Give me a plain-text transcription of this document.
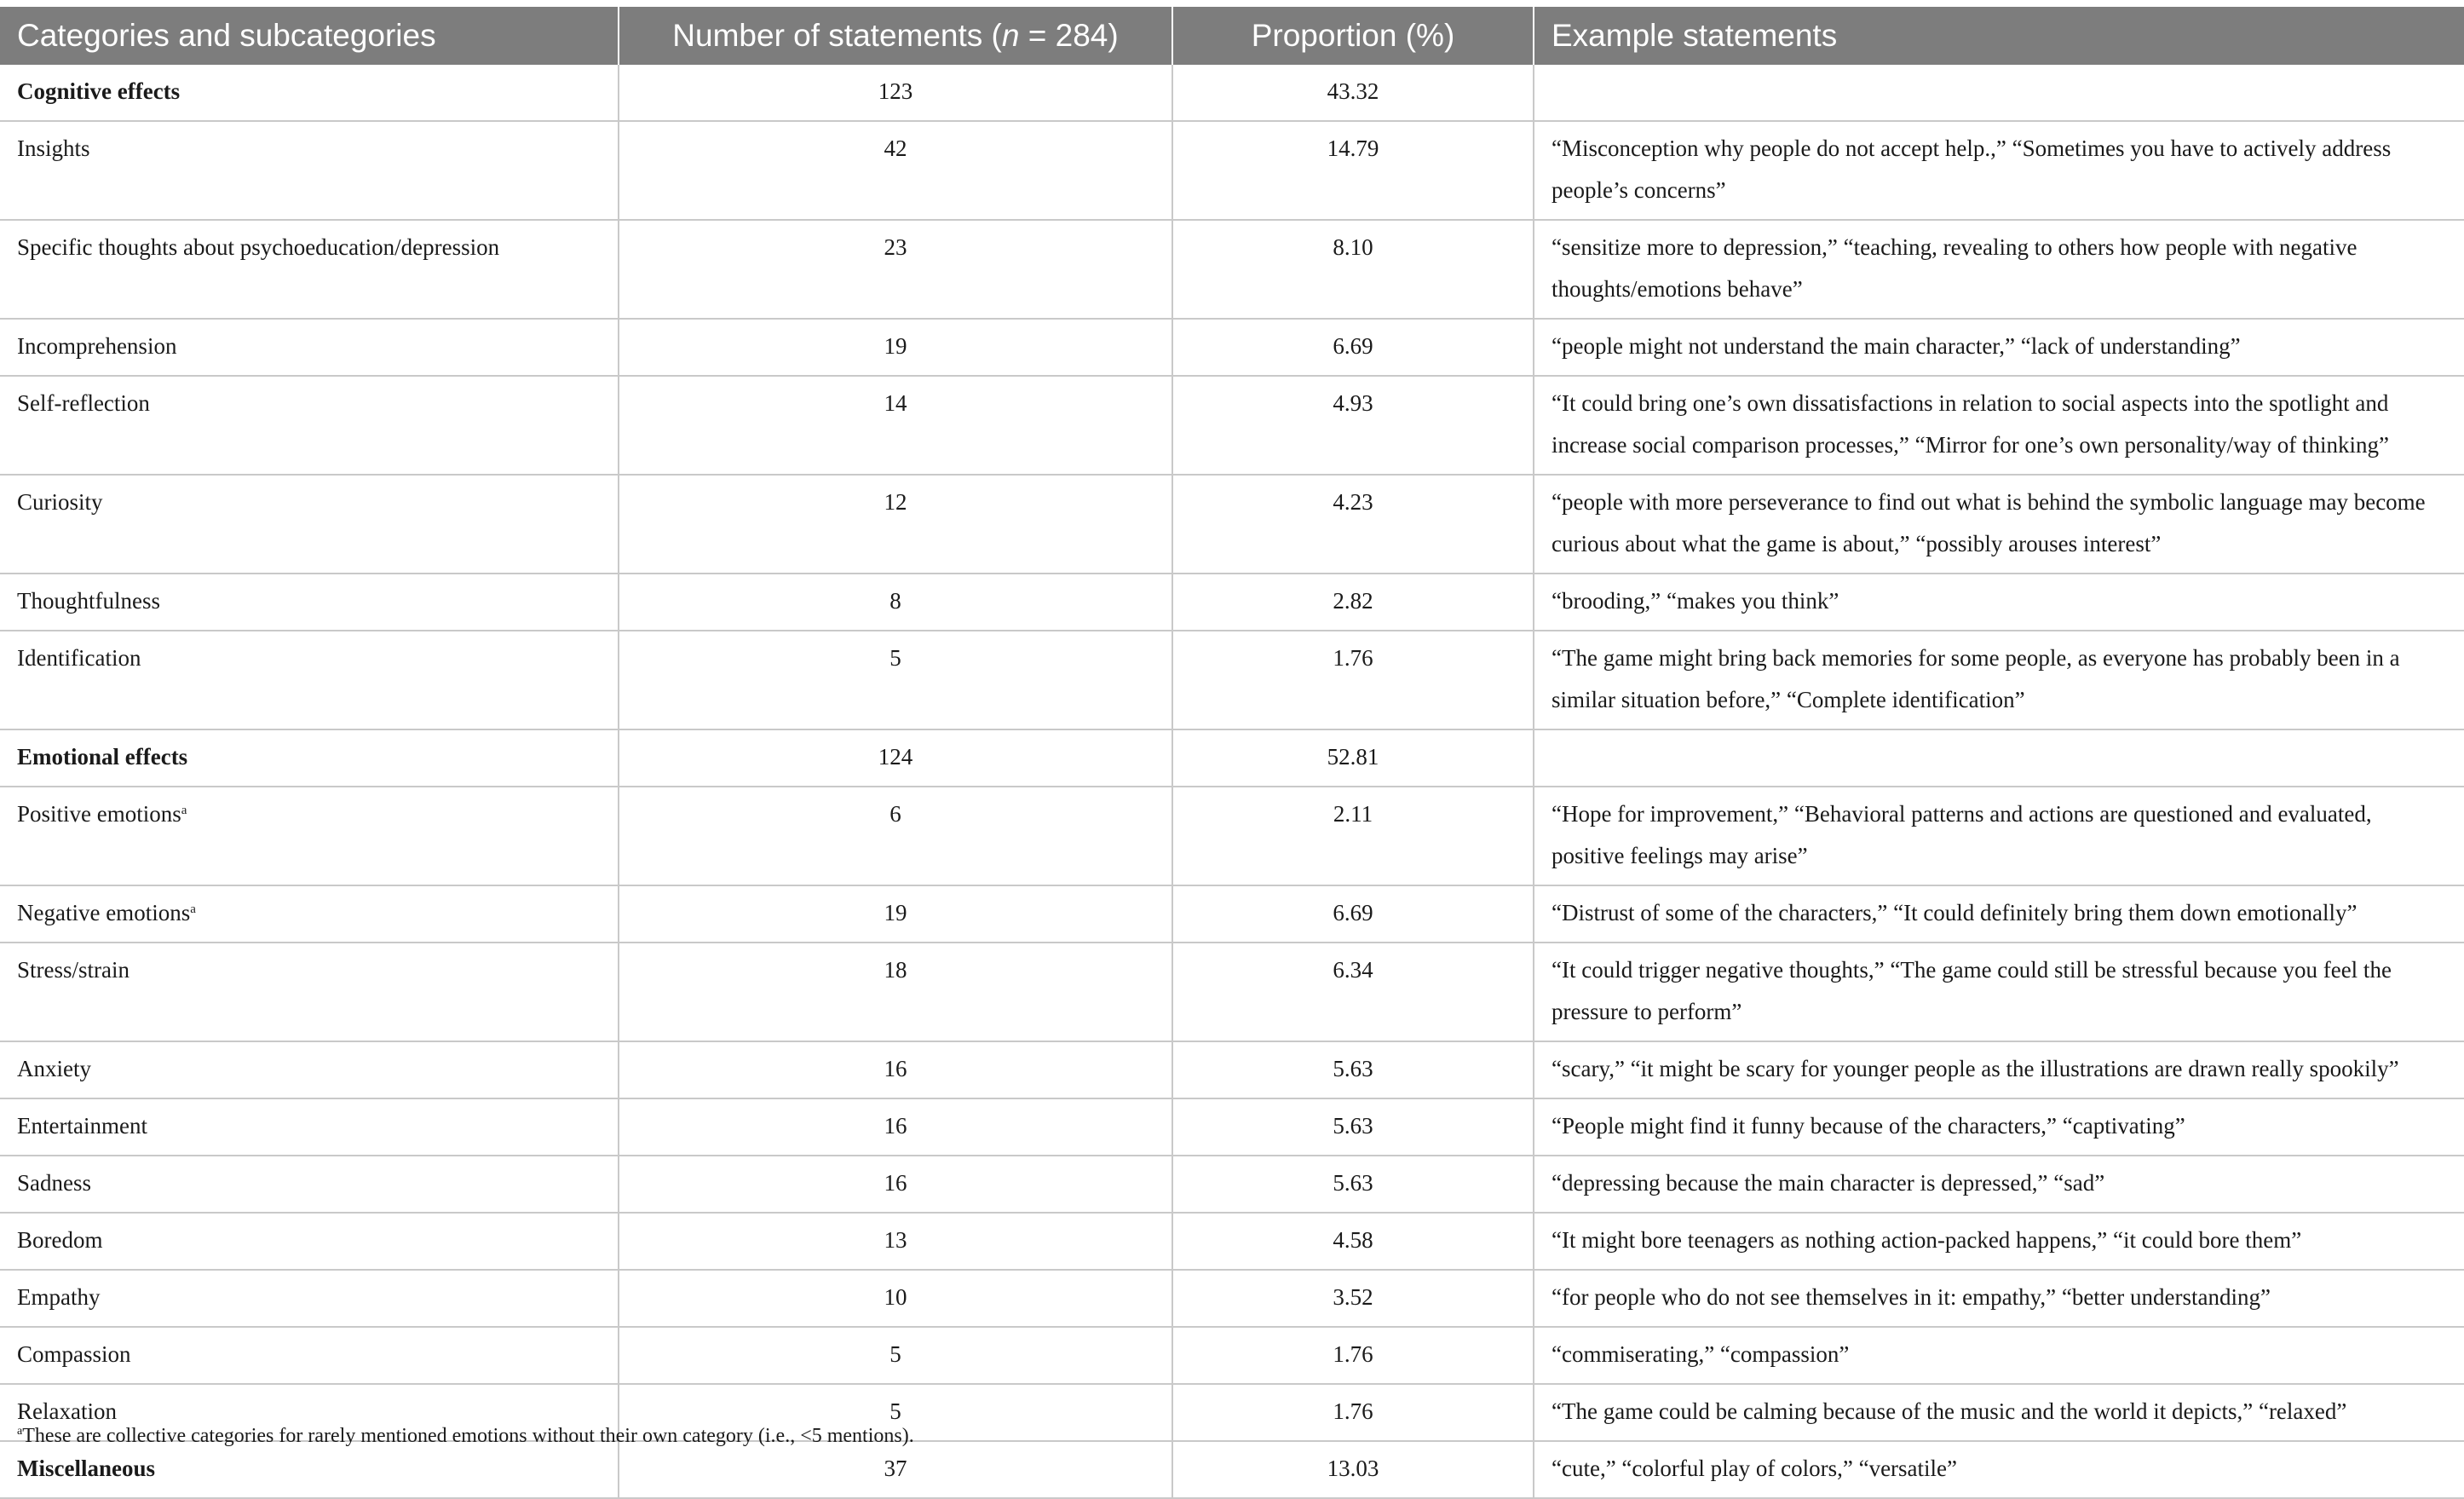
Categories and subcategories	Number of statements (n = 284)	Proportion (%)	Example statements
Cognitive effects	123	43.32	
Insights	42	14.79	“Misconception why people do not accept help.,” “Sometimes you have to actively address people’s concerns”
Specific thoughts about psychoeducation/depression	23	8.10	“sensitize more to depression,” “teaching, revealing to others how people with negative thoughts/emotions behave”
Incomprehension	19	6.69	“people might not understand the main character,” “lack of understanding”
Self-reflection	14	4.93	“It could bring one’s own dissatisfactions in relation to social aspects into the spotlight and increase social comparison processes,” “Mirror for one’s own personality/way of thinking”
Curiosity	12	4.23	“people with more perseverance to find out what is behind the symbolic language may become curious about what the game is about,” “possibly arouses interest”
Thoughtfulness	8	2.82	“brooding,” “makes you think”
Identification	5	1.76	“The game might bring back memories for some people, as everyone has probably been in a similar situation before,” “Complete identification”
Emotional effects	124	52.81	
Positive emotions$^a$	6	2.11	“Hope for improvement,” “Behavioral patterns and actions are questioned and evaluated, positive feelings may arise”
Negative emotions$^a$	19	6.69	“Distrust of some of the characters,” “It could definitely bring them down emotionally”
Stress/strain	18	6.34	“It could trigger negative thoughts,” “The game could still be stressful because you feel the pressure to perform”
Anxiety	16	5.63	“scary,” “it might be scary for younger people as the illustrations are drawn really spookily”
Entertainment	16	5.63	“People might find it funny because of the characters,” “captivating”
Sadness	16	5.63	“depressing because the main character is depressed,” “sad”
Boredom	13	4.58	“It might bore teenagers as nothing action-packed happens,” “it could bore them”
Empathy	10	3.52	“for people who do not see themselves in it: empathy,” “better understanding”
Compassion	5	1.76	“commiserating,” “compassion”
Relaxation	5	1.76	“The game could be calming because of the music and the world it depicts,” “relaxed”
Miscellaneous	37	13.03	“cute,” “colorful play of colors,” “versatile”
$^a$These are collective categories for rarely mentioned emotions without their own category (i.e., <5 mentions).
